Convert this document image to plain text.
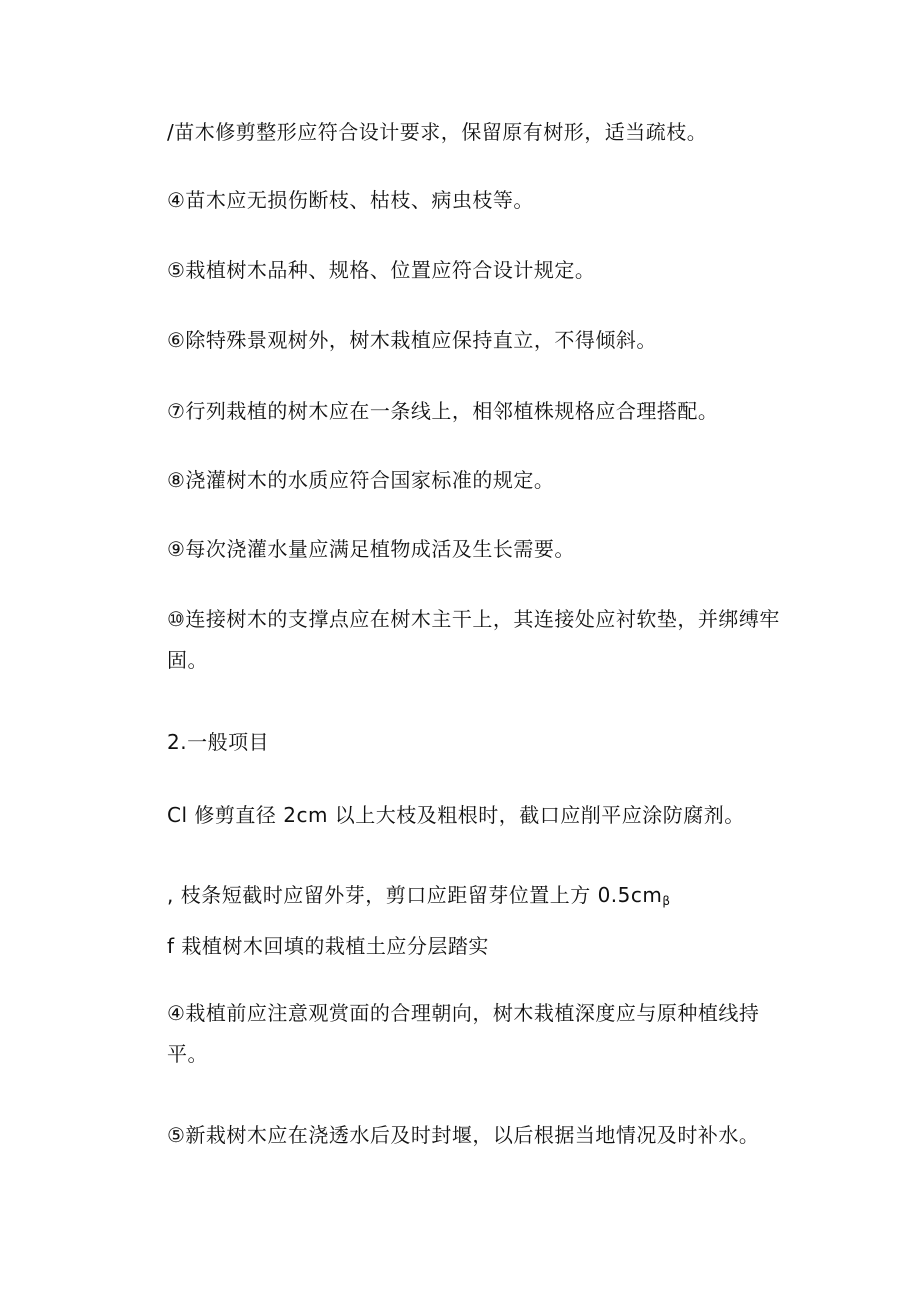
/苗木修剪整形应符合设计要求，保留原有树形，适当疏枝。
④苗木应无损伤断枝、枯枝、病虫枝等。
⑤栽植树木品种、规格、位置应符合设计规定。
⑥除特殊景观树外，树木栽植应保持直立，不得倾斜。
⑦行列栽植的树木应在一条线上，相邻植株规格应合理搭配。
⑧浇灌树木的水质应符合国家标准的规定。
⑨每次浇灌水量应满足植物成活及生长需要。
⑩连接树木的支撑点应在树木主干上，其连接处应衬软垫，并绑缚牢固。
2.一般项目
Cl 修剪直径 2cm 以上大枝及粗根时，截口应削平应涂防腐剂。
, 枝条短截时应留外芽，剪口应距留芽位置上方 $0.5cm_\beta$
f 栽植树木回填的栽植土应分层踏实
④栽植前应注意观赏面的合理朝向，树木栽植深度应与原种植线持平。
⑤新栽树木应在浇透水后及时封堰，以后根据当地情况及时补水。
